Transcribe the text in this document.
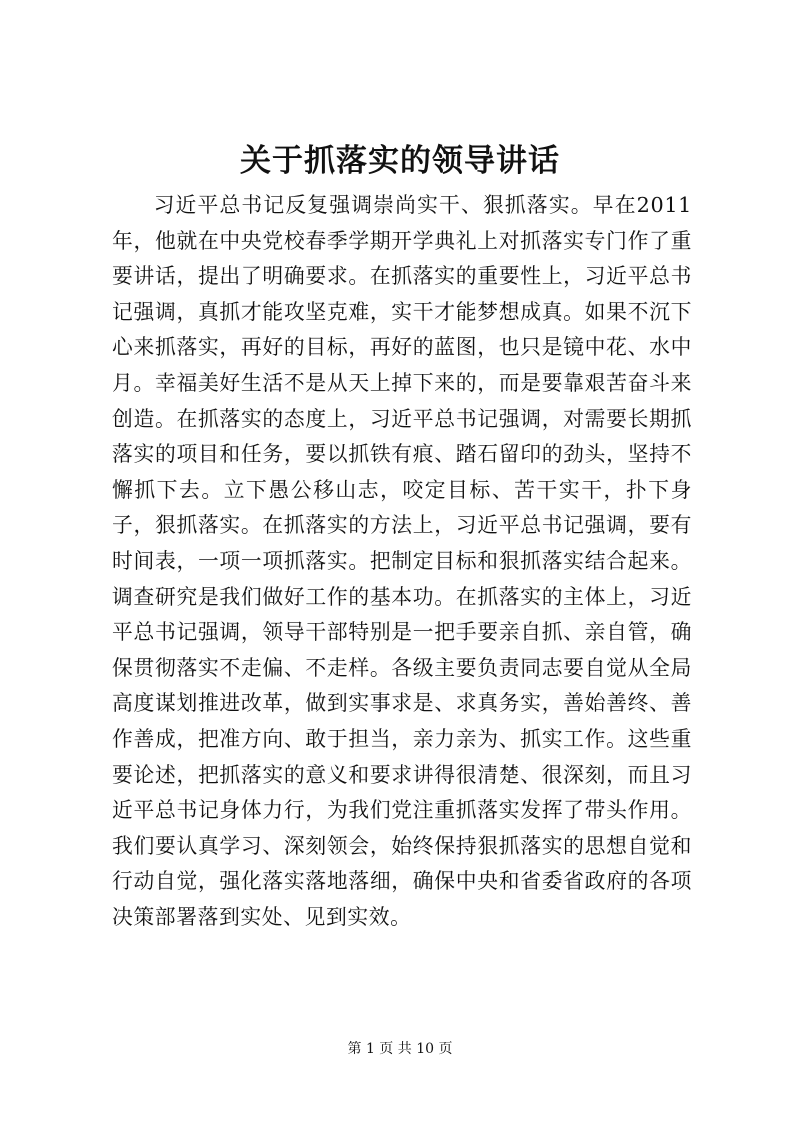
关于抓落实的领导讲话

习近平总书记反复强调崇尚实干、狠抓落实。早在2011年，他就在中央党校春季学期开学典礼上对抓落实专门作了重要讲话，提出了明确要求。在抓落实的重要性上，习近平总书记强调，真抓才能攻坚克难，实干才能梦想成真。如果不沉下心来抓落实，再好的目标，再好的蓝图，也只是镜中花、水中月。幸福美好生活不是从天上掉下来的，而是要靠艰苦奋斗来创造。在抓落实的态度上，习近平总书记强调，对需要长期抓落实的项目和任务，要以抓铁有痕、踏石留印的劲头，坚持不懈抓下去。立下愚公移山志，咬定目标、苦干实干，扑下身子，狠抓落实。在抓落实的方法上，习近平总书记强调，要有时间表，一项一项抓落实。把制定目标和狠抓落实结合起来。调查研究是我们做好工作的基本功。在抓落实的主体上，习近平总书记强调，领导干部特别是一把手要亲自抓、亲自管，确保贯彻落实不走偏、不走样。各级主要负责同志要自觉从全局高度谋划推进改革，做到实事求是、求真务实，善始善终、善作善成，把准方向、敢于担当，亲力亲为、抓实工作。这些重要论述，把抓落实的意义和要求讲得很清楚、很深刻，而且习近平总书记身体力行，为我们党注重抓落实发挥了带头作用。我们要认真学习、深刻领会，始终保持狠抓落实的思想自觉和行动自觉，强化落实落地落细，确保中央和省委省政府的各项决策部署落到实处、见到实效。

第 1 页 共 10 页
